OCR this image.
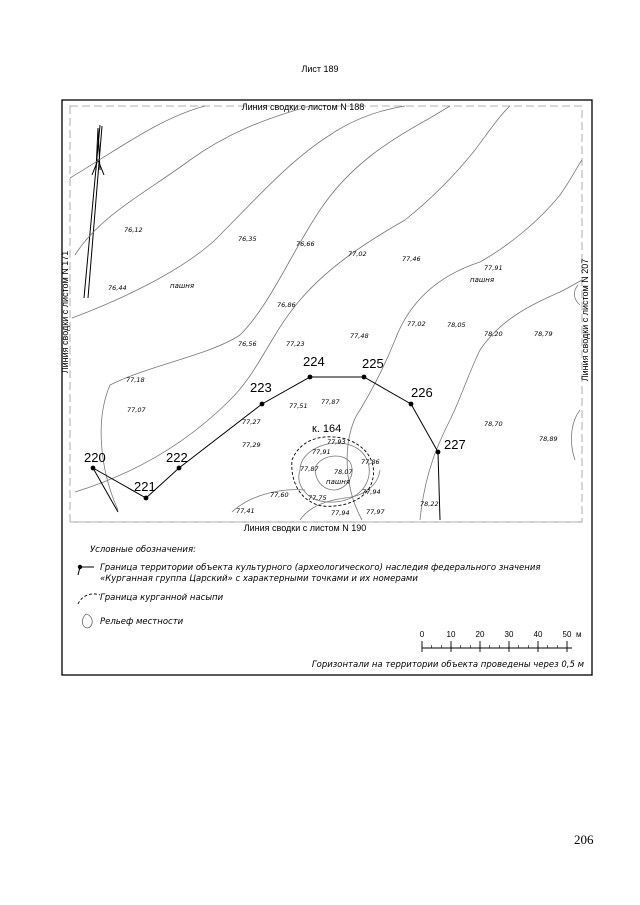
Лист 189
Линия сводки с листом N 188
Линия сводки с листом N 190
Линия сводки с листом N 171	Линия сводки с листом N 207
220
221
222
223
224	225
226
227
пашня
пашня
пашня
к. 164
76,12
76,35
76,66
77,02
77,46
77,91
76,44
76,86
77,02	78,05
78,20	78,79
76,56	77,23
77,48
77,18
77,07	77,51 77,87
77,27
77,29	77,93
77,91
78,07
77,87
77,86
78,70
78,89
77,60	77,75
77,94
77,41	77,94	77,97
78,22
Условные обозначения:
Граница территории объекта культурного (археологического) наследия федерального значения
«Курганная группа Царский» с характерными точками и их номерами
Граница курганной насыпи
Рельеф местности
0	10	20	30	40	50 м
Горизонтали на территории объекта проведены через 0,5 м
206
